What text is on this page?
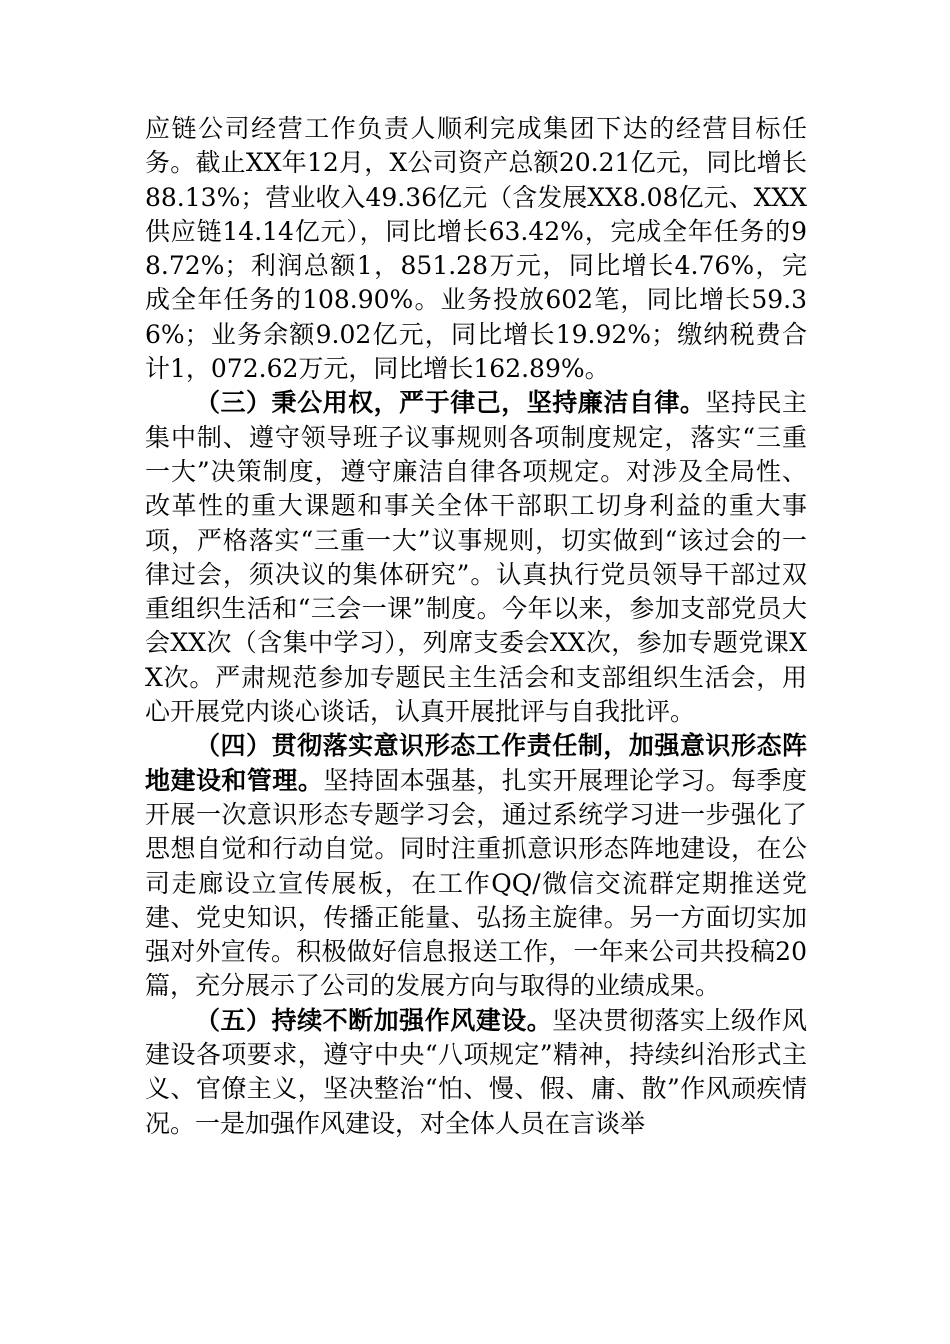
应链公司经营工作负责人顺利完成集团下达的经营目标任务。截止XX年12月，X公司资产总额20.21亿元，同比增长88.13%；营业收入49.36亿元（含发展XX8.08亿元、XXX供应链14.14亿元），同比增长63.42%，完成全年任务的98.72%；利润总额1，851.28万元，同比增长4.76%，完成全年任务的108.90%。业务投放602笔，同比增长59.36%；业务余额9.02亿元，同比增长19.92%；缴纳税费合计1，072.62万元，同比增长162.89%。

（三）秉公用权，严于律己，坚持廉洁自律。坚持民主集中制、遵守领导班子议事规则各项制度规定，落实“三重一大”决策制度，遵守廉洁自律各项规定。对涉及全局性、改革性的重大课题和事关全体干部职工切身利益的重大事项，严格落实“三重一大”议事规则，切实做到“该过会的一律过会，须决议的集体研究”。认真执行党员领导干部过双重组织生活和“三会一课”制度。今年以来，参加支部党员大会XX次（含集中学习），列席支委会XX次，参加专题党课XX次。严肃规范参加专题民主生活会和支部组织生活会，用心开展党内谈心谈话，认真开展批评与自我批评。

（四）贯彻落实意识形态工作责任制，加强意识形态阵地建设和管理。坚持固本强基，扎实开展理论学习。每季度开展一次意识形态专题学习会，通过系统学习进一步强化了思想自觉和行动自觉。同时注重抓意识形态阵地建设，在公司走廊设立宣传展板，在工作QQ/微信交流群定期推送党建、党史知识，传播正能量、弘扬主旋律。另一方面切实加强对外宣传。积极做好信息报送工作，一年来公司共投稿20篇，充分展示了公司的发展方向与取得的业绩成果。

（五）持续不断加强作风建设。坚决贯彻落实上级作风建设各项要求，遵守中央“八项规定”精神，持续纠治形式主义、官僚主义，坚决整治“怕、慢、假、庸、散”作风顽疾情况。一是加强作风建设，对全体人员在言谈举
